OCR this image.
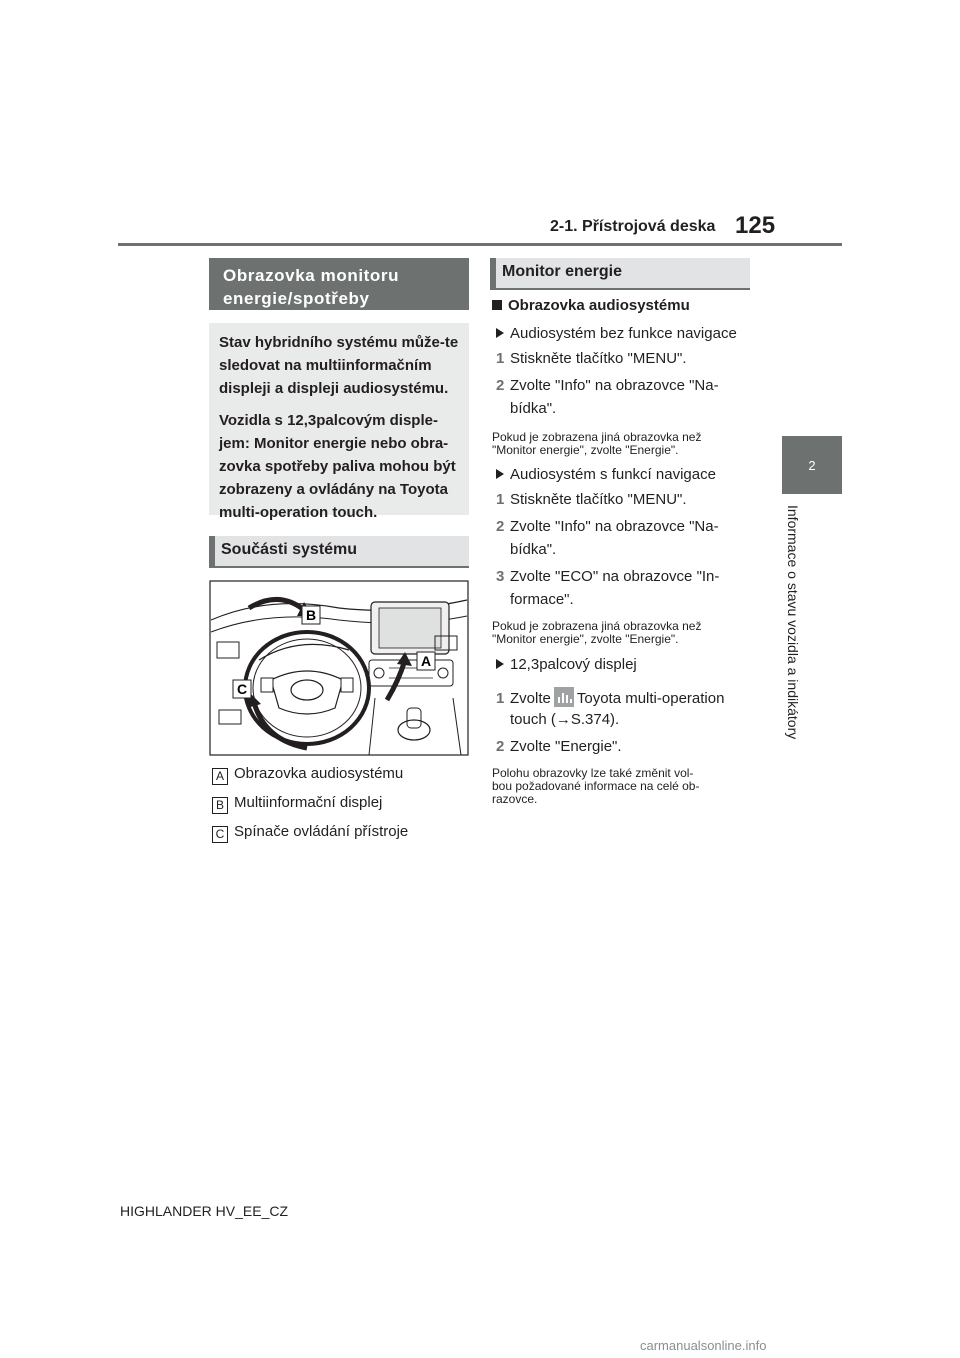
2-1. Přístrojová deska 125
2
Informace o stavu vozidla a indikátory
Obrazovka monitoru
energie/spotřeby

Stav hybridního systému může-te sledovat na multiinformačním displeji a displeji audiosystému.

Vozidla s 12,3palcovým disple-jem: Monitor energie nebo obra-zovka spotřeby paliva mohou být zobrazeny a ovládány na Toyota multi-operation touch.

Součásti systému
B
C
A
A Obrazovka audiosystému
B Multiinformační displej
C Spínače ovládání přístroje
Monitor energie
Obrazovka audiosystému
Audiosystém bez funkce navigace
1 Stiskněte tlačítko "MENU".
2 Zvolte "Info" na obrazovce "Na-
bídka".
Pokud je zobrazena jiná obrazovka než
"Monitor energie", zvolte "Energie".
Audiosystém s funkcí navigace
1 Stiskněte tlačítko "MENU".
2 Zvolte "Info" na obrazovce "Na-
bídka".
3 Zvolte "ECO" na obrazovce "In-
formace".
Pokud je zobrazena jiná obrazovka než
"Monitor energie", zvolte "Energie".
12,3palcový displej
1 Zvolte Toyota multi-operation
touch (→S.374).
2 Zvolte "Energie".
Polohu obrazovky lze také změnit vol-
bou požadované informace na celé ob-
razovce.
HIGHLANDER HV_EE_CZ
carmanualsonline.info
